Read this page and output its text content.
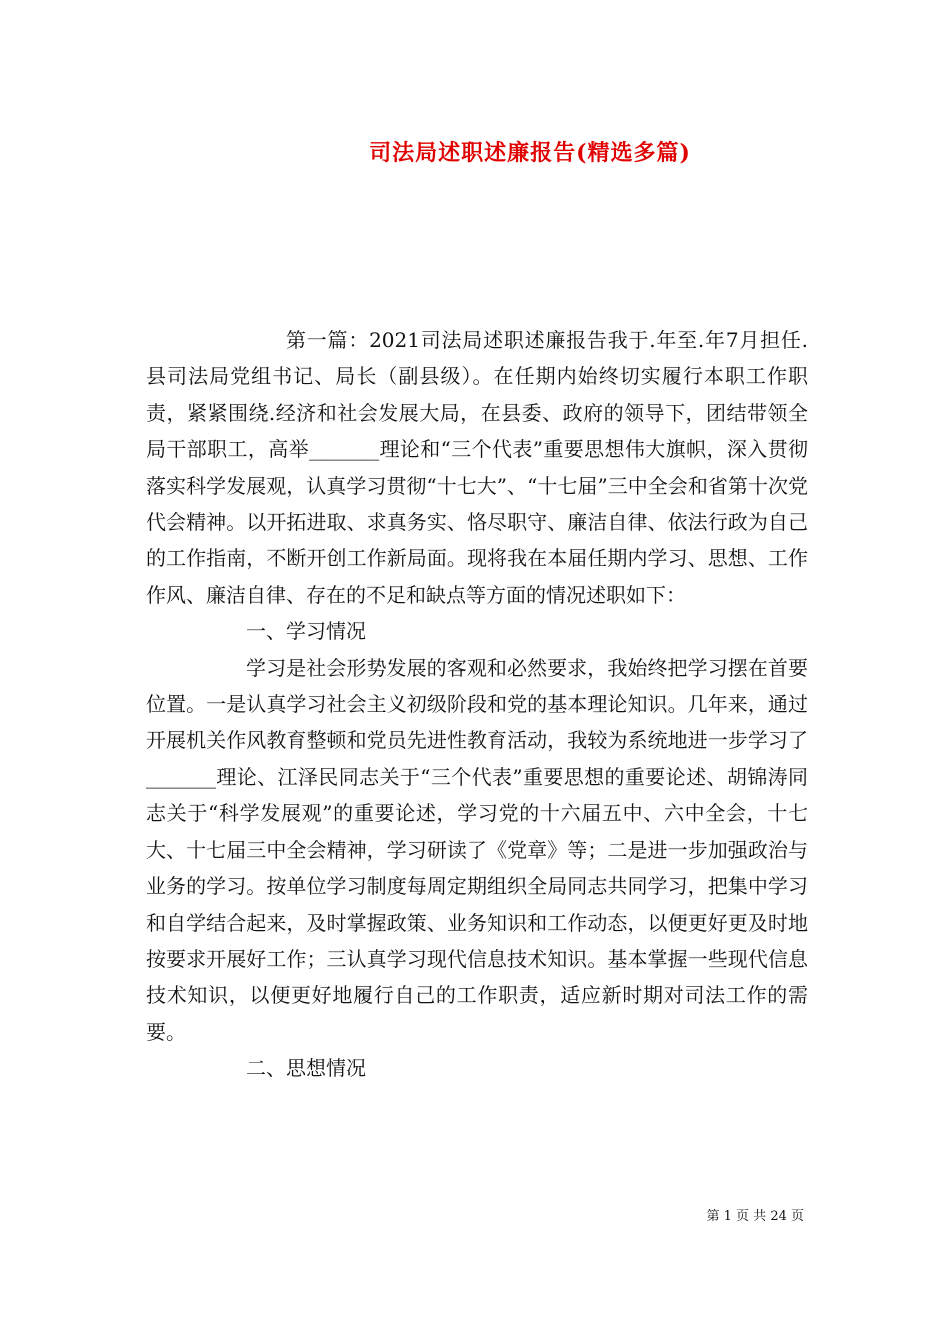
司法局述职述廉报告(精选多篇)

第一篇：2021司法局述职述廉报告我于.年至.年7月担任.县司法局党组书记、局长（副县级）。在任期内始终切实履行本职工作职责，紧紧围绕.经济和社会发展大局，在县委、政府的领导下，团结带领全局干部职工，高举_______理论和“三个代表”重要思想伟大旗帜，深入贯彻落实科学发展观，认真学习贯彻“十七大”、“十七届”三中全会和省第十次党代会精神。以开拓进取、求真务实、恪尽职守、廉洁自律、依法行政为自己的工作指南，不断开创工作新局面。现将我在本届任期内学习、思想、工作作风、廉洁自律、存在的不足和缺点等方面的情况述职如下：

一、学习情况

学习是社会形势发展的客观和必然要求，我始终把学习摆在首要位置。一是认真学习社会主义初级阶段和党的基本理论知识。几年来，通过开展机关作风教育整顿和党员先进性教育活动，我较为系统地进一步学习了_______理论、江泽民同志关于“三个代表”重要思想的重要论述、胡锦涛同志关于“科学发展观”的重要论述，学习党的十六届五中、六中全会，十七大、十七届三中全会精神，学习研读了《党章》等；二是进一步加强政治与业务的学习。按单位学习制度每周定期组织全局同志共同学习，把集中学习和自学结合起来，及时掌握政策、业务知识和工作动态，以便更好更及时地按要求开展好工作；三认真学习现代信息技术知识。基本掌握一些现代信息技术知识，以便更好地履行自己的工作职责，适应新时期对司法工作的需要。

二、思想情况

第 1 页 共 24 页
